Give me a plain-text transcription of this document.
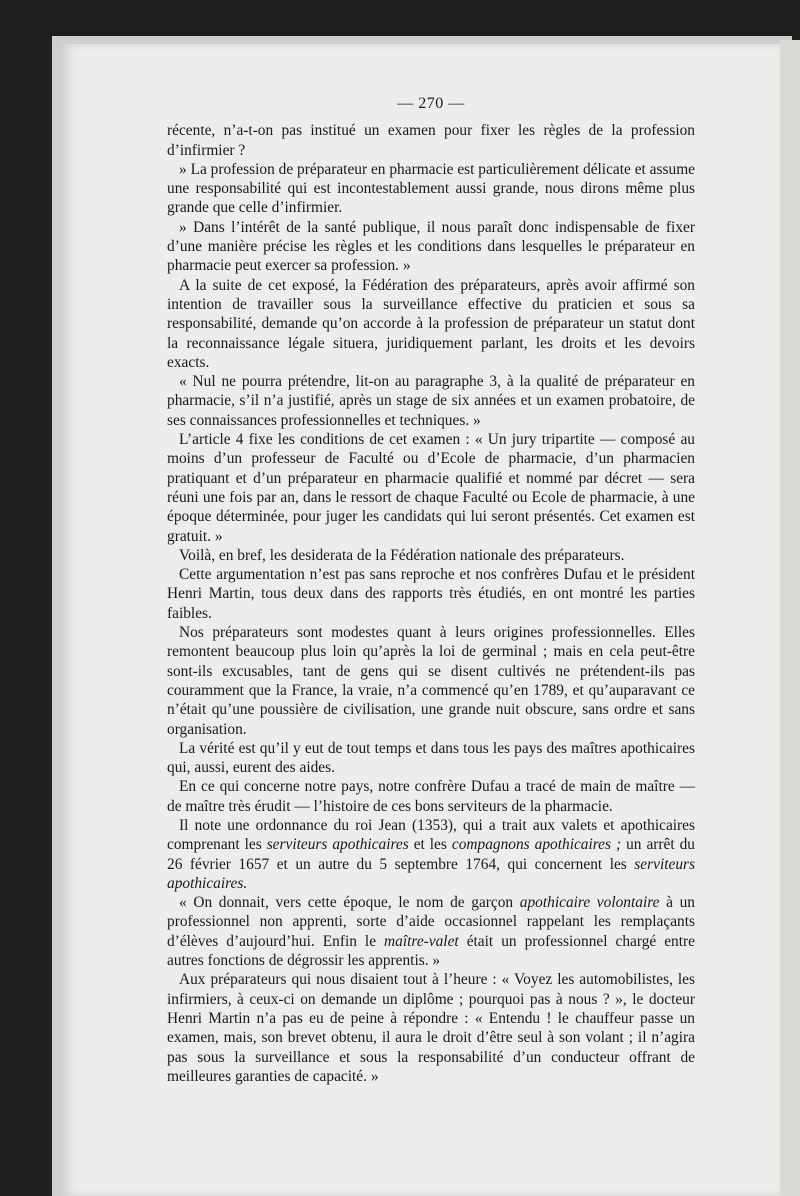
— 270 —

récente, n’a-t-on pas institué un examen pour fixer les règles de la profession d’infirmier ?

» La profession de préparateur en pharmacie est particulièrement délicate et assume une responsabilité qui est incontestablement aussi grande, nous dirons même plus grande que celle d’infirmier.

» Dans l’intérêt de la santé publique, il nous paraît donc indispensable de fixer d’une manière précise les règles et les conditions dans lesquelles le préparateur en pharmacie peut exercer sa profession. »

A la suite de cet exposé, la Fédération des préparateurs, après avoir affirmé son intention de travailler sous la surveillance effective du praticien et sous sa responsabilité, demande qu’on accorde à la profession de préparateur un statut dont la reconnaissance légale situera, juridiquement parlant, les droits et les devoirs exacts.

« Nul ne pourra prétendre, lit-on au paragraphe 3, à la qualité de préparateur en pharmacie, s’il n’a justifié, après un stage de six années et un examen probatoire, de ses connaissances professionnelles et techniques. »

L’article 4 fixe les conditions de cet examen : « Un jury tripartite — composé au moins d’un professeur de Faculté ou d’Ecole de pharmacie, d’un pharmacien pratiquant et d’un préparateur en pharmacie qualifié et nommé par décret — sera réuni une fois par an, dans le ressort de chaque Faculté ou Ecole de pharmacie, à une époque déterminée, pour juger les candidats qui lui seront présentés. Cet examen est gratuit. »

Voilà, en bref, les desiderata de la Fédération nationale des préparateurs.

Cette argumentation n’est pas sans reproche et nos confrères Dufau et le président Henri Martin, tous deux dans des rapports très étudiés, en ont montré les parties faibles.

Nos préparateurs sont modestes quant à leurs origines professionnelles. Elles remontent beaucoup plus loin qu’après la loi de germinal ; mais en cela peut-être sont-ils excusables, tant de gens qui se disent cultivés ne prétendent-ils pas couramment que la France, la vraie, n’a commencé qu’en 1789, et qu’auparavant ce n’était qu’une poussière de civilisation, une grande nuit obscure, sans ordre et sans organisation.

La vérité est qu’il y eut de tout temps et dans tous les pays des maîtres apothicaires qui, aussi, eurent des aides.

En ce qui concerne notre pays, notre confrère Dufau a tracé de main de maître — de maître très érudit — l’histoire de ces bons serviteurs de la pharmacie.

Il note une ordonnance du roi Jean (1353), qui a trait aux valets et apothicaires comprenant les serviteurs apothicaires et les compagnons apothicaires ; un arrêt du 26 février 1657 et un autre du 5 septembre 1764, qui concernent les serviteurs apothicaires.

« On donnait, vers cette époque, le nom de garçon apothicaire volontaire à un professionnel non apprenti, sorte d’aide occasionnel rappelant les remplaçants d’élèves d’aujourd’hui. Enfin le maître-valet était un professionnel chargé entre autres fonctions de dégrossir les apprentis. »

Aux préparateurs qui nous disaient tout à l’heure : « Voyez les automobilistes, les infirmiers, à ceux-ci on demande un diplôme ; pourquoi pas à nous ? », le docteur Henri Martin n’a pas eu de peine à répondre : « Entendu ! le chauffeur passe un examen, mais, son brevet obtenu, il aura le droit d’être seul à son volant ; il n’agira pas sous la surveillance et sous la responsabilité d’un conducteur offrant de meilleures garanties de capacité. »
